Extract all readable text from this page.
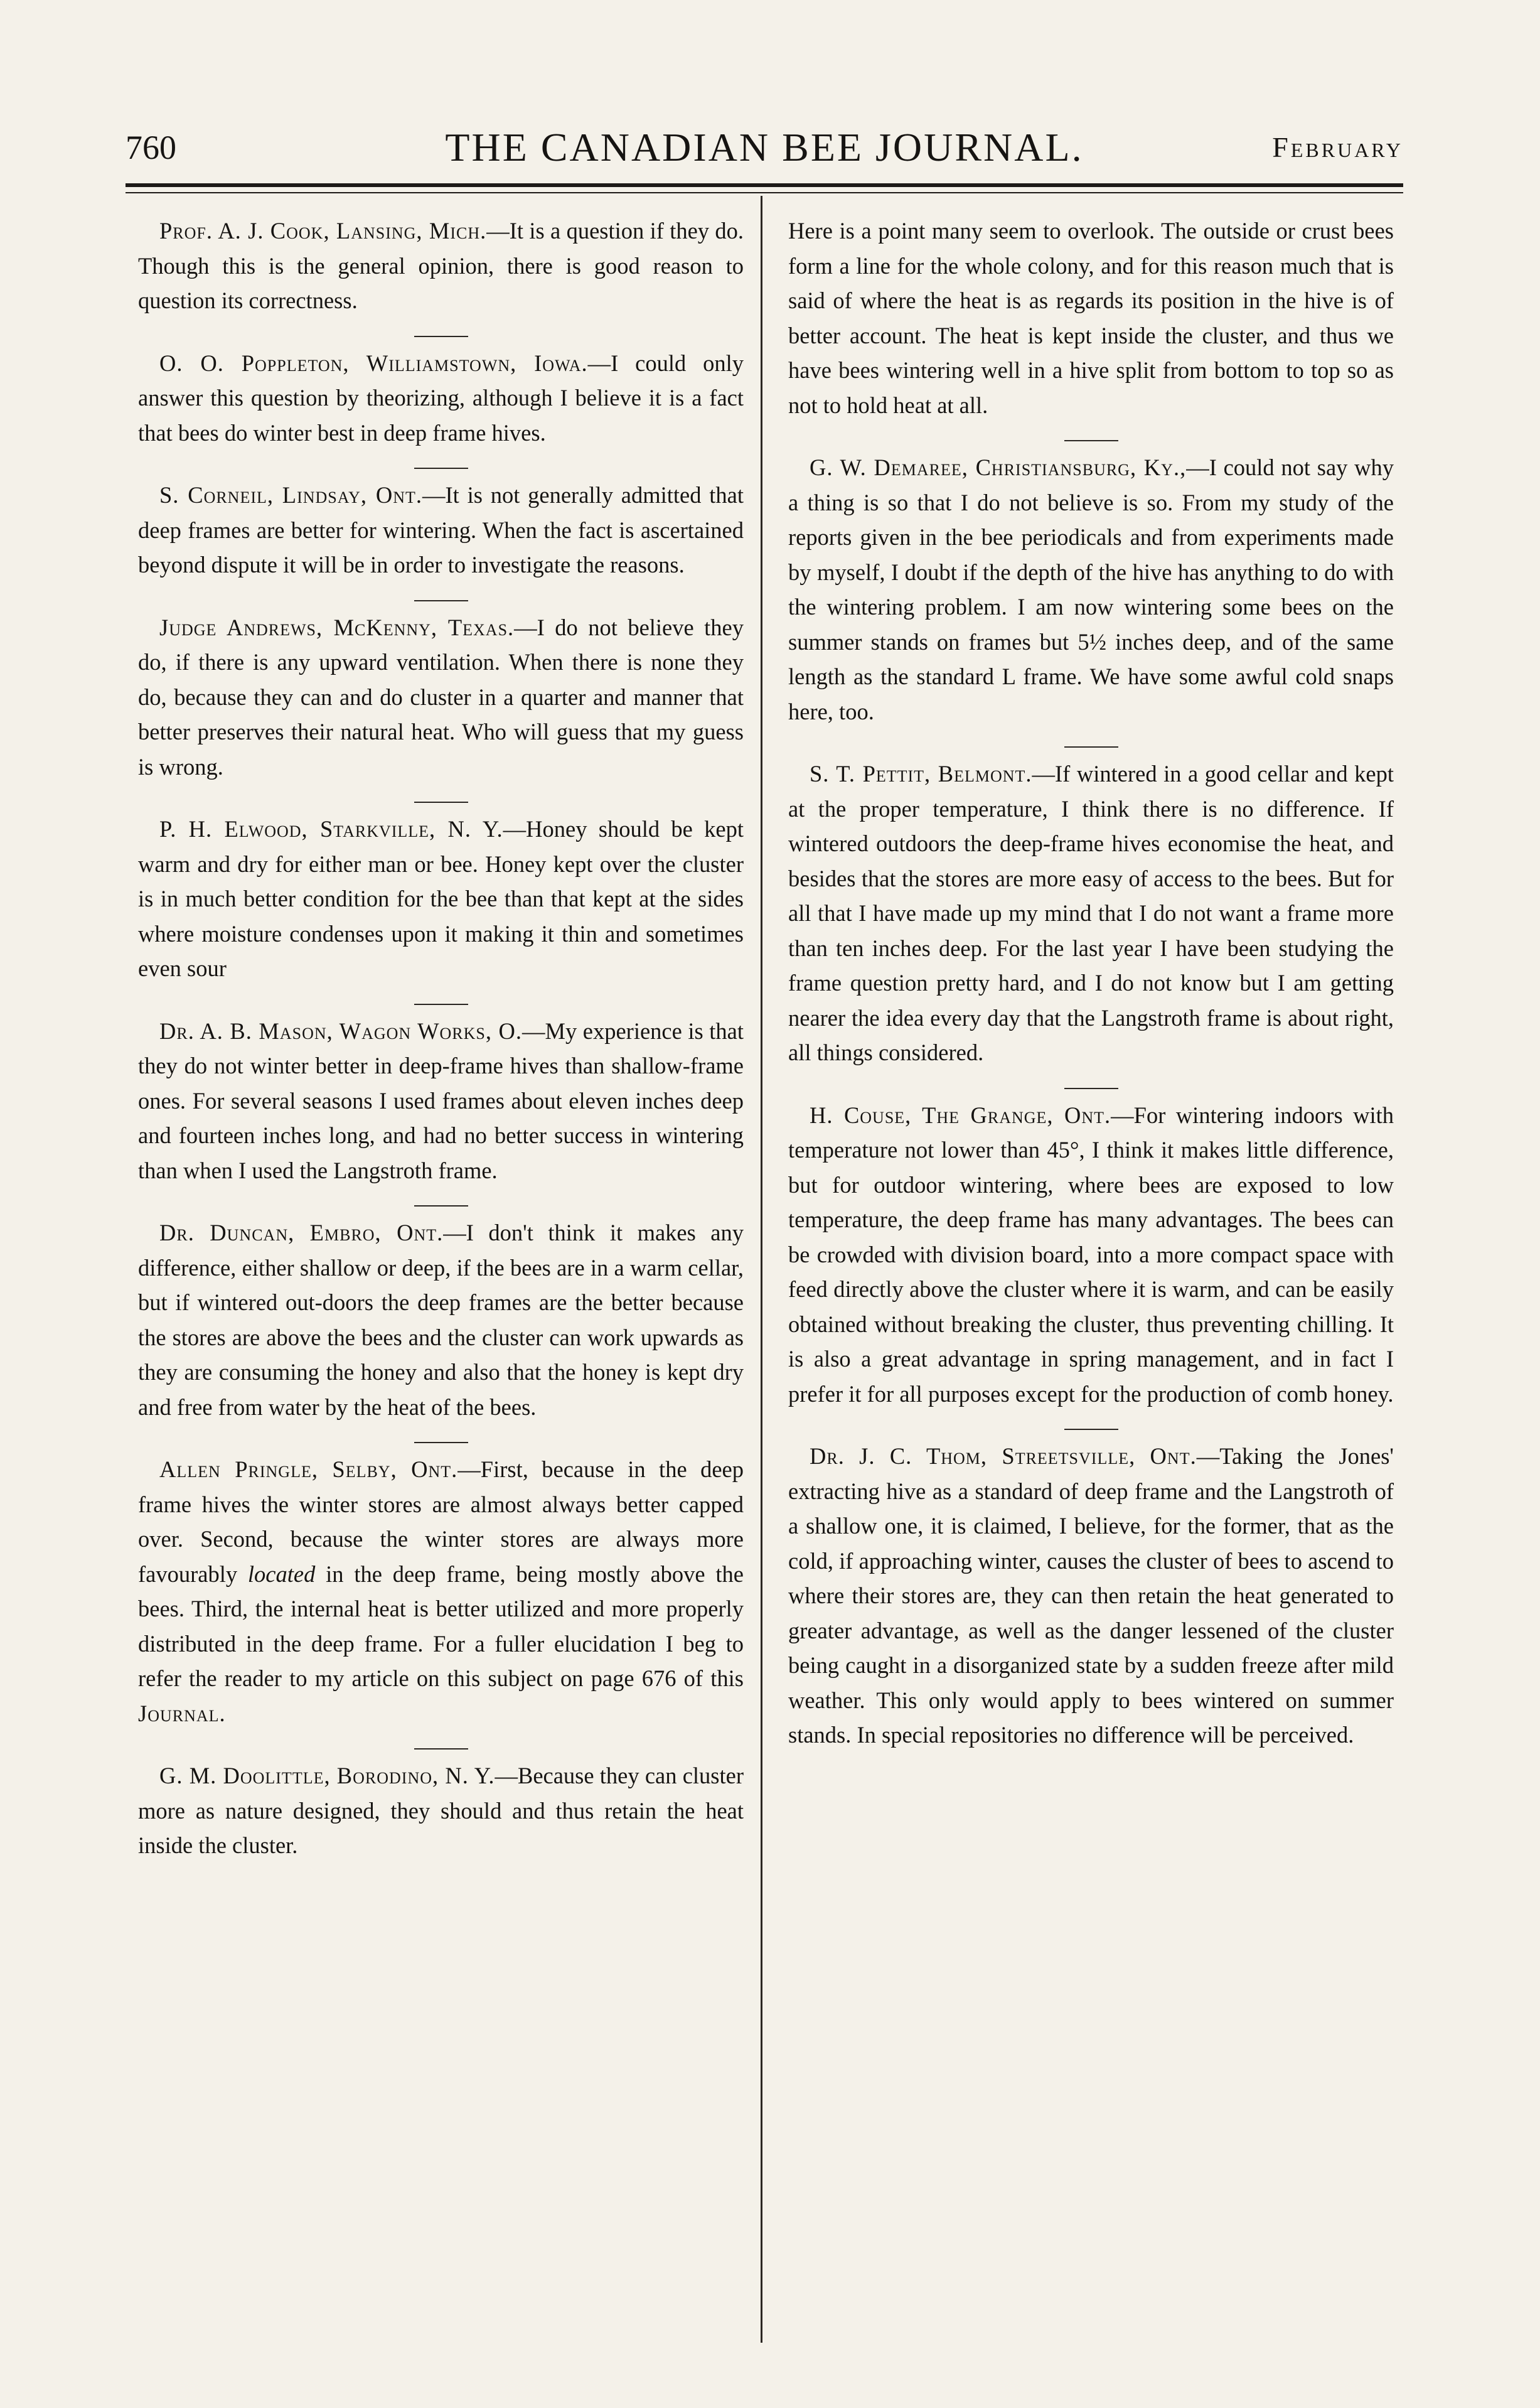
760	THE CANADIAN BEE JOURNAL.	February

Prof. A. J. Cook, Lansing, Mich.—It is a question if they do. Though this is the general opinion, there is good reason to question its correctness.

O. O. Poppleton, Williamstown, Iowa.—I could only answer this question by theorizing, although I believe it is a fact that bees do winter best in deep frame hives.

S. Corneil, Lindsay, Ont.—It is not generally admitted that deep frames are better for wintering. When the fact is ascertained beyond dispute it will be in order to investigate the reasons.

Judge Andrews, McKenny, Texas.—I do not believe they do, if there is any upward ventilation. When there is none they do, because they can and do cluster in a quarter and manner that better preserves their natural heat. Who will guess that my guess is wrong.

P. H. Elwood, Starkville, N. Y.—Honey should be kept warm and dry for either man or bee. Honey kept over the cluster is in much better condition for the bee than that kept at the sides where moisture condenses upon it making it thin and sometimes even sour

Dr. A. B. Mason, Wagon Works, O.—My experience is that they do not winter better in deep-frame hives than shallow-frame ones. For several seasons I used frames about eleven inches deep and fourteen inches long, and had no better success in wintering than when I used the Langstroth frame.

Dr. Duncan, Embro, Ont.—I don't think it makes any difference, either shallow or deep, if the bees are in a warm cellar, but if wintered out-doors the deep frames are the better because the stores are above the bees and the cluster can work upwards as they are consuming the honey and also that the honey is kept dry and free from water by the heat of the bees.

Allen Pringle, Selby, Ont.—First, because in the deep frame hives the winter stores are almost always better capped over. Second, because the winter stores are always more favourably located in the deep frame, being mostly above the bees. Third, the internal heat is better utilized and more properly distributed in the deep frame. For a fuller elucidation I beg to refer the reader to my article on this subject on page 676 of this Journal.

G. M. Doolittle, Borodino, N. Y.—Because they can cluster more as nature designed, they should and thus retain the heat inside the cluster.

Here is a point many seem to overlook. The outside or crust bees form a line for the whole colony, and for this reason much that is said of where the heat is as regards its position in the hive is of better account. The heat is kept inside the cluster, and thus we have bees wintering well in a hive split from bottom to top so as not to hold heat at all.

G. W. Demaree, Christiansburg, Ky.,—I could not say why a thing is so that I do not believe is so. From my study of the reports given in the bee periodicals and from experiments made by myself, I doubt if the depth of the hive has anything to do with the wintering problem. I am now wintering some bees on the summer stands on frames but 5½ inches deep, and of the same length as the standard L frame. We have some awful cold snaps here, too.

S. T. Pettit, Belmont.—If wintered in a good cellar and kept at the proper temperature, I think there is no difference. If wintered outdoors the deep-frame hives economise the heat, and besides that the stores are more easy of access to the bees. But for all that I have made up my mind that I do not want a frame more than ten inches deep. For the last year I have been studying the frame question pretty hard, and I do not know but I am getting nearer the idea every day that the Langstroth frame is about right, all things considered.

H. Couse, The Grange, Ont.—For wintering indoors with temperature not lower than 45°, I think it makes little difference, but for outdoor wintering, where bees are exposed to low temperature, the deep frame has many advantages. The bees can be crowded with division board, into a more compact space with feed directly above the cluster where it is warm, and can be easily obtained without breaking the cluster, thus preventing chilling. It is also a great advantage in spring management, and in fact I prefer it for all purposes except for the production of comb honey.

Dr. J. C. Thom, Streetsville, Ont.—Taking the Jones' extracting hive as a standard of deep frame and the Langstroth of a shallow one, it is claimed, I believe, for the former, that as the cold, if approaching winter, causes the cluster of bees to ascend to where their stores are, they can then retain the heat generated to greater advantage, as well as the danger lessened of the cluster being caught in a disorganized state by a sudden freeze after mild weather. This only would apply to bees wintered on summer stands. In special repositories no difference will be perceived.
